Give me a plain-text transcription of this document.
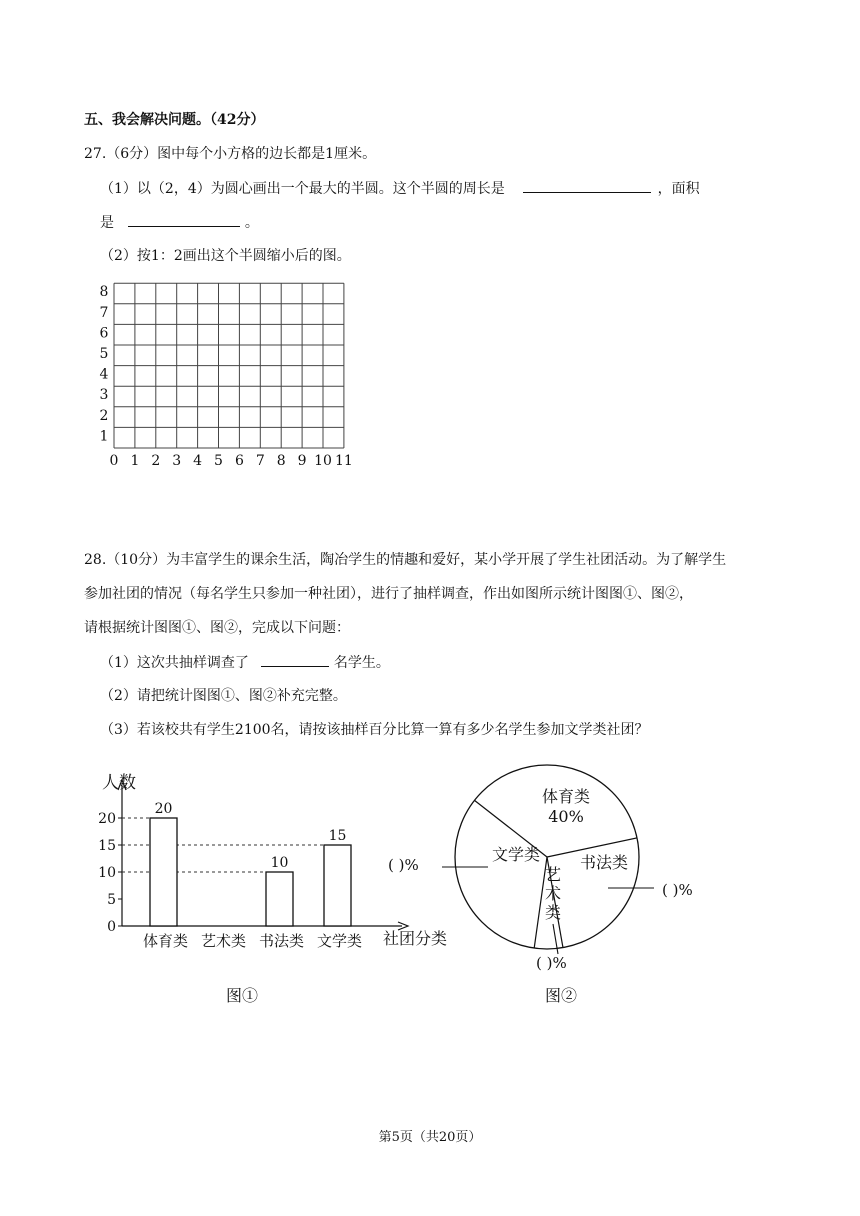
五、我会解决问题。（42分）
27.（6分）图中每个小方格的边长都是1厘米。
（1）以（2，4）为圆心画出一个最大的半圆。这个半圆的周长是	，面积
是	。
（2）按1：2画出这个半圆缩小后的图。
0 1 2 3 4 5 6 7 8 9 10 11
1
2
3
4
5
6
7
8
28.（10分）为丰富学生的课余生活，陶冶学生的情趣和爱好，某小学开展了学生社团活动。为了解学生
参加社团的情况（每名学生只参加一种社团），进行了抽样调查，作出如图所示统计图图①、图②，
请根据统计图图①、图②，完成以下问题：
（1）这次共抽样调查了	名学生。
（2）请把统计图图①、图②补充完整。
（3）若该校共有学生2100名，请按该抽样百分比算一算有多少名学生参加文学类社团？
人数
0
5
10
15
20
体育类 艺术类 书法类 文学类
20
10
15
社团分类
图①
体育类
40%
书法类
( )%
艺
术
类
( )%
文学类
( )%
图②
第5页（共20页）
